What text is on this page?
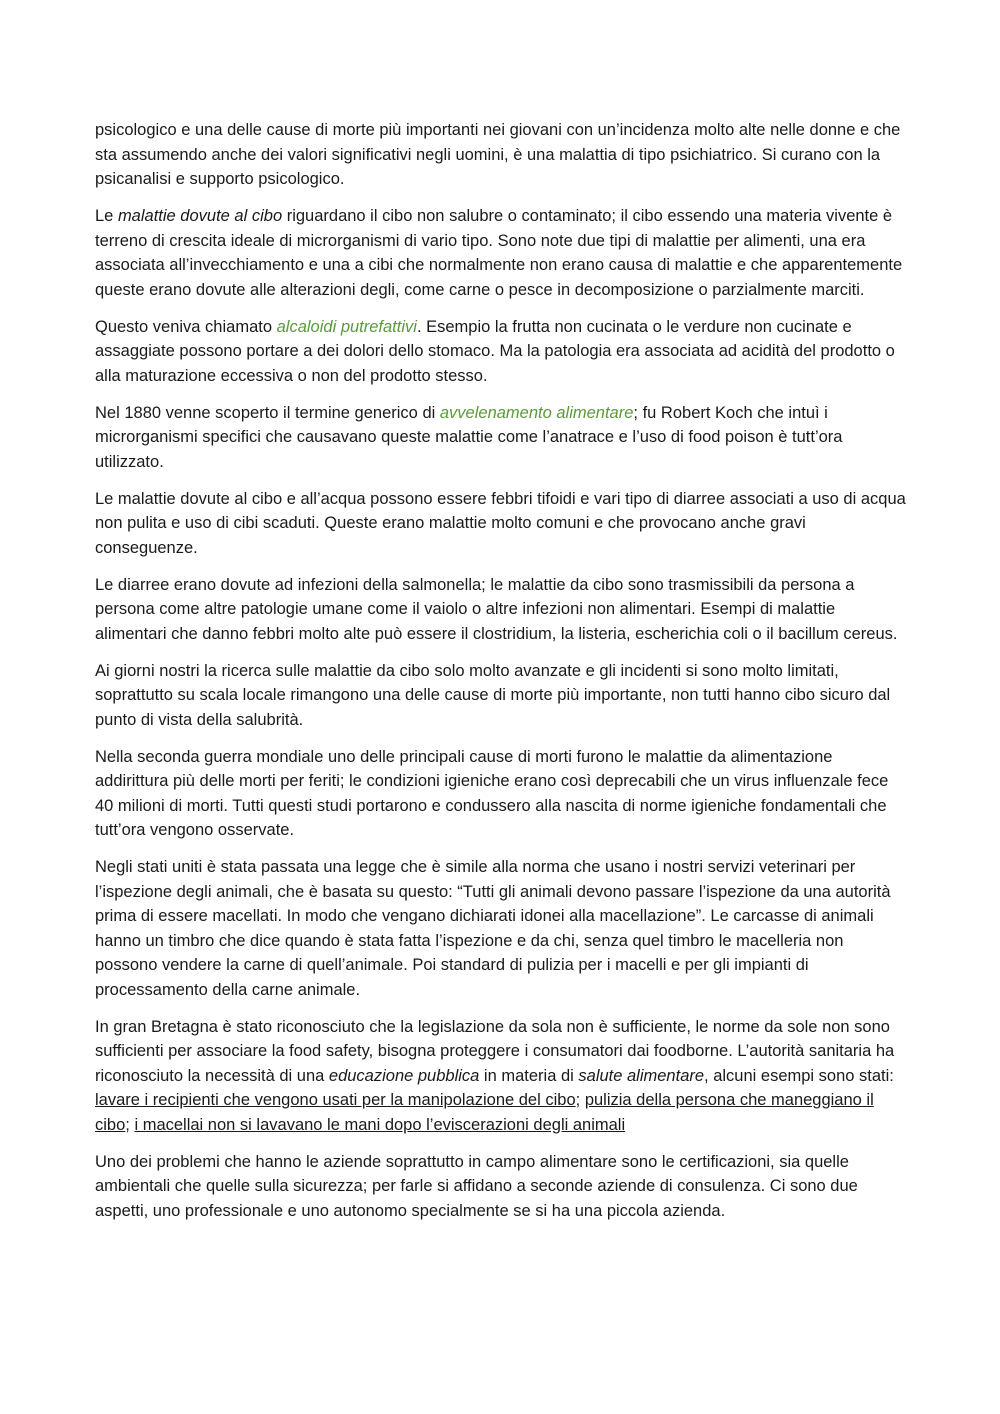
psicologico e una delle cause di morte più importanti nei giovani con un’incidenza molto alte nelle donne e che sta assumendo anche dei valori significativi negli uomini, è una malattia di tipo psichiatrico. Si curano con la psicanalisi e supporto psicologico.

Le malattie dovute al cibo riguardano il cibo non salubre o contaminato; il cibo essendo una materia vivente è terreno di crescita ideale di microrganismi di vario tipo. Sono note due tipi di malattie per alimenti, una era associata all’invecchiamento e una a cibi che normalmente non erano causa di malattie e che apparentemente queste erano dovute alle alterazioni degli, come carne o pesce in decomposizione o parzialmente marciti.

Questo veniva chiamato alcaloidi putrefattivi. Esempio la frutta non cucinata o le verdure non cucinate e assaggiate possono portare a dei dolori dello stomaco. Ma la patologia era associata ad acidità del prodotto o alla maturazione eccessiva o non del prodotto stesso.

Nel 1880 venne scoperto il termine generico di avvelenamento alimentare; fu Robert Koch che intuì i microrganismi specifici che causavano queste malattie come l’anatrace e l’uso di food poison è tutt’ora utilizzato.

Le malattie dovute al cibo e all’acqua possono essere febbri tifoidi e vari tipo di diarree associati a uso di acqua non pulita e uso di cibi scaduti. Queste erano malattie molto comuni e che provocano anche gravi conseguenze.

Le diarree erano dovute ad infezioni della salmonella; le malattie da cibo sono trasmissibili da persona a persona come altre patologie umane come il vaiolo o altre infezioni non alimentari. Esempi di malattie alimentari che danno febbri molto alte può essere il clostridium, la listeria, escherichia coli o il bacillum cereus.

Ai giorni nostri la ricerca sulle malattie da cibo solo molto avanzate e gli incidenti si sono molto limitati, soprattutto su scala locale rimangono una delle cause di morte più importante, non tutti hanno cibo sicuro dal punto di vista della salubrità.

Nella seconda guerra mondiale uno delle principali cause di morti furono le malattie da alimentazione addirittura più delle morti per feriti; le condizioni igieniche erano così deprecabili che un virus influenzale fece 40 milioni di morti. Tutti questi studi portarono e condussero alla nascita di norme igieniche fondamentali che tutt’ora vengono osservate.

Negli stati uniti è stata passata una legge che è simile alla norma che usano i nostri servizi veterinari per l’ispezione degli animali, che è basata su questo: “Tutti gli animali devono passare l’ispezione da una autorità prima di essere macellati. In modo che vengano dichiarati idonei alla macellazione”. Le carcasse di animali hanno un timbro che dice quando è stata fatta l’ispezione e da chi, senza quel timbro le macelleria non possono vendere la carne di quell’animale. Poi standard di pulizia per i macelli e per gli impianti di processamento della carne animale.

In gran Bretagna è stato riconosciuto che la legislazione da sola non è sufficiente, le norme da sole non sono sufficienti per associare la food safety, bisogna proteggere i consumatori dai foodborne. L’autorità sanitaria ha riconosciuto la necessità di una educazione pubblica in materia di salute alimentare, alcuni esempi sono stati: lavare i recipienti che vengono usati per la manipolazione del cibo; pulizia della persona che maneggiano il cibo; i macellai non si lavavano le mani dopo l’eviscerazioni degli animali

Uno dei problemi che hanno le aziende soprattutto in campo alimentare sono le certificazioni, sia quelle ambientali che quelle sulla sicurezza; per farle si affidano a seconde aziende di consulenza. Ci sono due aspetti, uno professionale e uno autonomo specialmente se si ha una piccola azienda.
